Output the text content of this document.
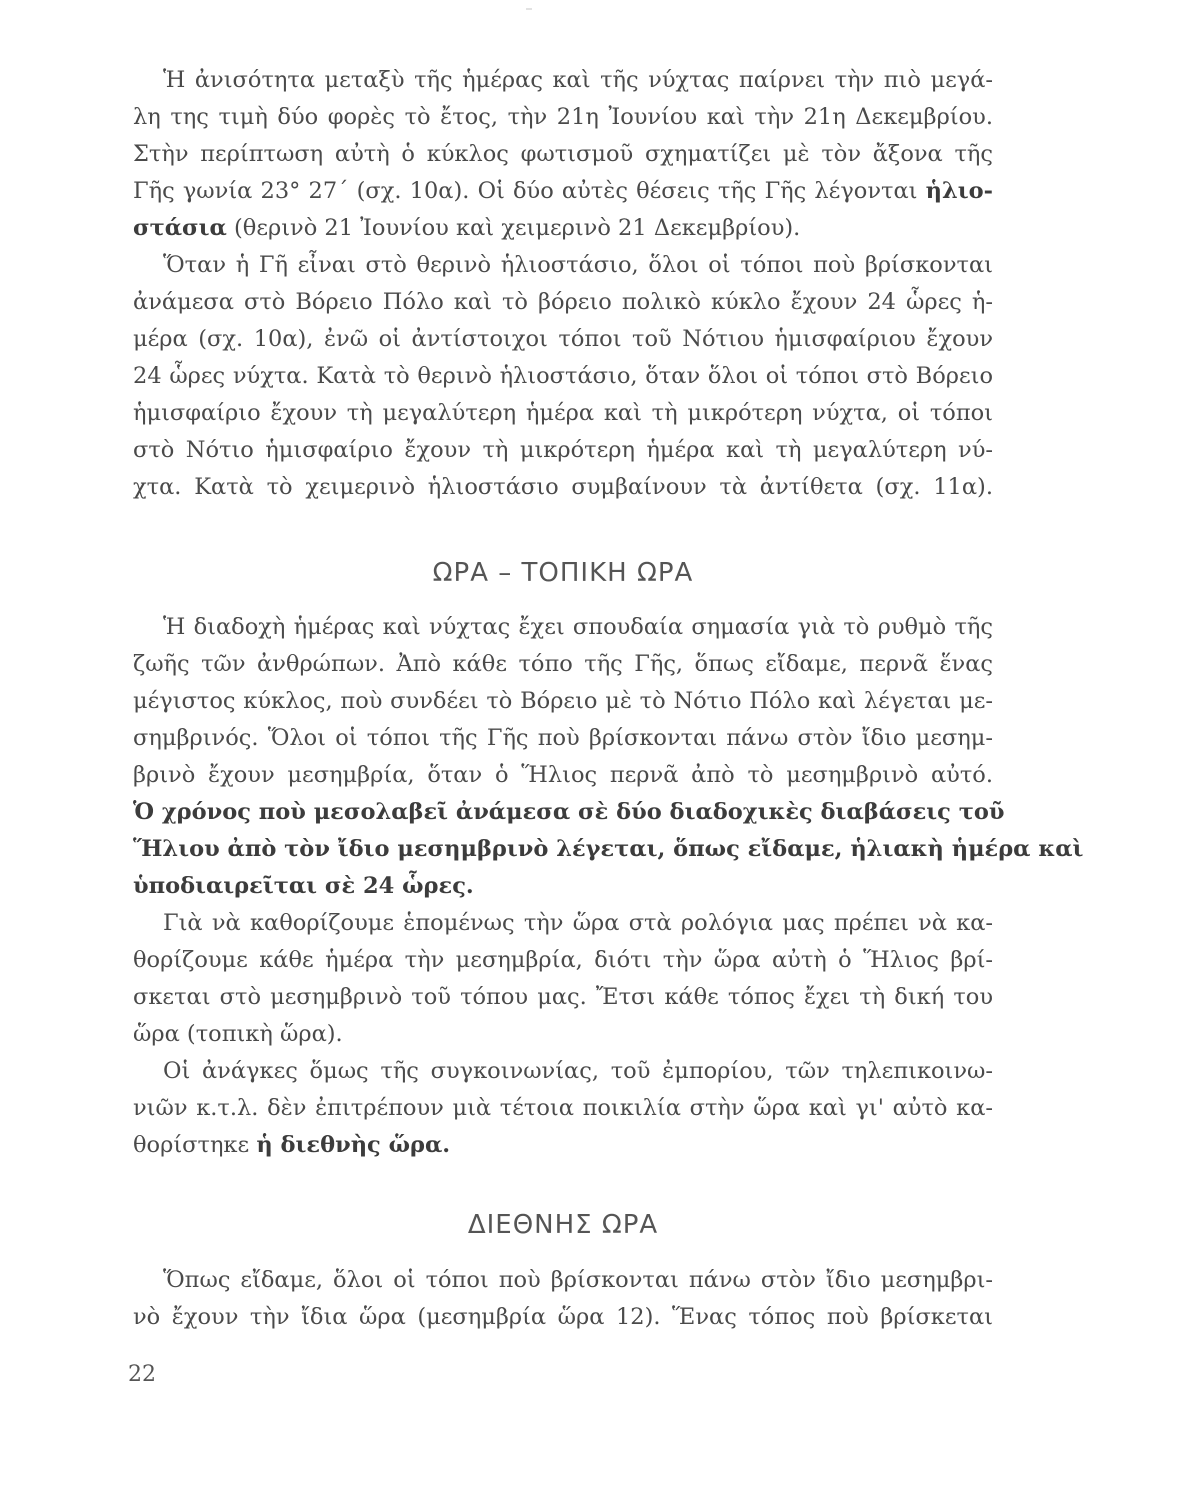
Ἡ ἀνισότητα μεταξὺ τῆς ἡμέρας καὶ τῆς νύχτας παίρνει τὴν πιὸ μεγά-
λη της τιμὴ δύο φορὲς τὸ ἔτος, τὴν 21η Ἰουνίου καὶ τὴν 21η Δεκεμβρίου.
Στὴν περίπτωση αὐτὴ ὁ κύκλος φωτισμοῦ σχηματίζει μὲ τὸν ἄξονα τῆς
Γῆς γωνία 23° 27΄ (σχ. 10α). Οἱ δύο αὐτὲς θέσεις τῆς Γῆς λέγονται ἡλιο-
στάσια (θερινὸ 21 Ἰουνίου καὶ χειμερινὸ 21 Δεκεμβρίου).
Ὅταν ἡ Γῆ εἶναι στὸ θερινὸ ἡλιοστάσιο, ὅλοι οἱ τόποι ποὺ βρίσκονται
ἀνάμεσα στὸ Βόρειο Πόλο καὶ τὸ βόρειο πολικὸ κύκλο ἔχουν 24 ὧρες ἡ-
μέρα (σχ. 10α), ἐνῶ οἱ ἀντίστοιχοι τόποι τοῦ Νότιου ἡμισφαίριου ἔχουν
24 ὧρες νύχτα. Κατὰ τὸ θερινὸ ἡλιοστάσιο, ὅταν ὅλοι οἱ τόποι στὸ Βόρειο
ἡμισφαίριο ἔχουν τὴ μεγαλύτερη ἡμέρα καὶ τὴ μικρότερη νύχτα, οἱ τόποι
στὸ Νότιο ἡμισφαίριο ἔχουν τὴ μικρότερη ἡμέρα καὶ τὴ μεγαλύτερη νύ-
χτα. Κατὰ τὸ χειμερινὸ ἡλιοστάσιο συμβαίνουν τὰ ἀντίθετα (σχ. 11α).
ΩΡΑ – ΤΟΠΙΚΗ ΩΡΑ
Ἡ διαδοχὴ ἡμέρας καὶ νύχτας ἔχει σπουδαία σημασία γιὰ τὸ ρυθμὸ τῆς
ζωῆς τῶν ἀνθρώπων. Ἀπὸ κάθε τόπο τῆς Γῆς, ὅπως εἴδαμε, περνᾶ ἕνας
μέγιστος κύκλος, ποὺ συνδέει τὸ Βόρειο μὲ τὸ Νότιο Πόλο καὶ λέγεται με-
σημβρινός. Ὅλοι οἱ τόποι τῆς Γῆς ποὺ βρίσκονται πάνω στὸν ἴδιο μεσημ-
βρινὸ ἔχουν μεσημβρία, ὅταν ὁ Ἥλιος περνᾶ ἀπὸ τὸ μεσημβρινὸ αὐτό.
Ὁ χρόνος ποὺ μεσολαβεῖ ἀνάμεσα σὲ δύο διαδοχικὲς διαβάσεις τοῦ
Ἥλιου ἀπὸ τὸν ἴδιο μεσημβρινὸ λέγεται, ὅπως εἴδαμε, ἡλιακὴ ἡμέρα καὶ
ὑποδιαιρεῖται σὲ 24 ὧρες.
Γιὰ νὰ καθορίζουμε ἑπομένως τὴν ὥρα στὰ ρολόγια μας πρέπει νὰ κα-
θορίζουμε κάθε ἡμέρα τὴν μεσημβρία, διότι τὴν ὥρα αὐτὴ ὁ Ἥλιος βρί-
σκεται στὸ μεσημβρινὸ τοῦ τόπου μας. Ἔτσι κάθε τόπος ἔχει τὴ δική του
ὥρα (τοπικὴ ὥρα).
Οἱ ἀνάγκες ὅμως τῆς συγκοινωνίας, τοῦ ἐμπορίου, τῶν τηλεπικοινω-
νιῶν κ.τ.λ. δὲν ἐπιτρέπουν μιὰ τέτοια ποικιλία στὴν ὥρα καὶ γι' αὐτὸ κα-
θορίστηκε ἡ διεθνὴς ὥρα.
ΔΙΕΘΝΗΣ ΩΡΑ
Ὅπως εἴδαμε, ὅλοι οἱ τόποι ποὺ βρίσκονται πάνω στὸν ἴδιο μεσημβρι-
νὸ ἔχουν τὴν ἴδια ὥρα (μεσημβρία ὥρα 12). Ἕνας τόπος ποὺ βρίσκεται
22
